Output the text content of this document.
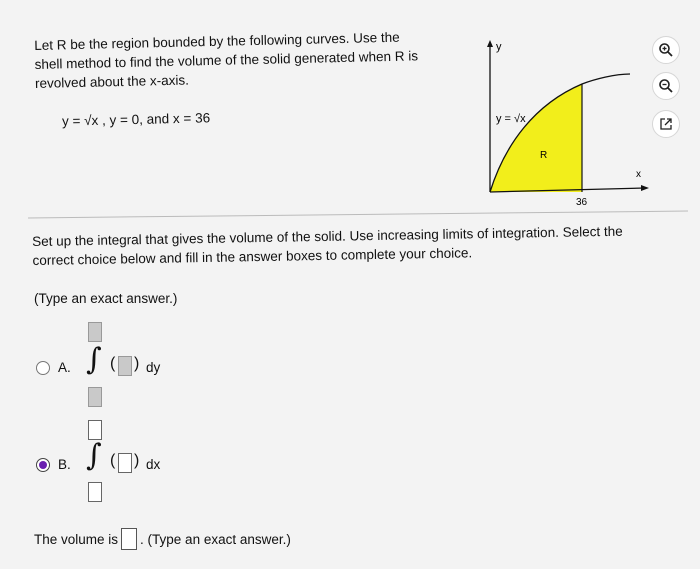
Let R be the region bounded by the following curves. Use the
shell method to find the volume of the solid generated when R is
revolved about the x-axis.
y = √x , y = 0, and x = 36
y
y = √x
R
x
36
Set up the integral that gives the volume of the solid. Use increasing limits of integration. Select the
correct choice below and fill in the answer boxes to complete your choice.
(Type an exact answer.)
A. ∫ ( ) dy
B. ∫ ( ) dx
The volume is . (Type an exact answer.)
